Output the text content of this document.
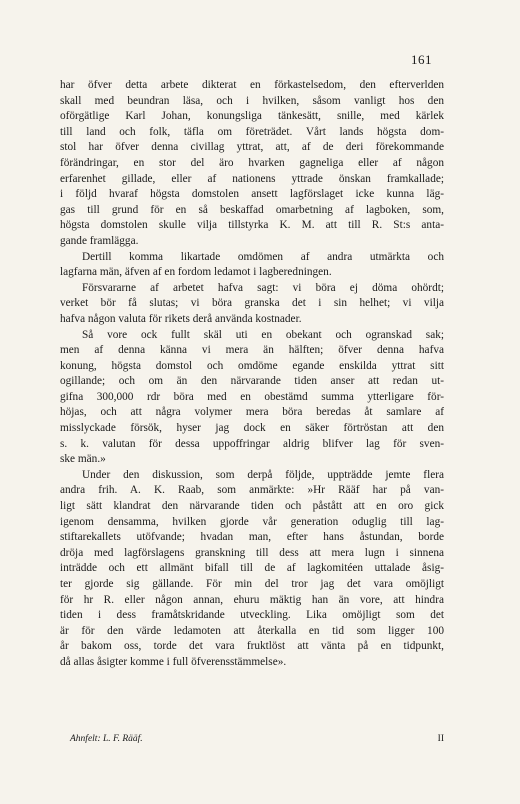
161
har öfver detta arbete dikterat en förkastelsedom, den efterverlden
skall med beundran läsa, och i hvilken, såsom vanligt hos den
oförgätlige Karl Johan, konungsliga tänkesätt, snille, med kärlek
till land och folk, täfla om företrädet. Vårt lands högsta dom-
stol har öfver denna civillag yttrat, att, af de deri förekommande
förändringar, en stor del äro hvarken gagneliga eller af någon
erfarenhet gillade, eller af nationens yttrade önskan framkallade;
i följd hvaraf högsta domstolen ansett lagförslaget icke kunna läg-
gas till grund för en så beskaffad omarbetning af lagboken, som,
högsta domstolen skulle vilja tillstyrka K. M. att till R. St:s anta-
gande framlägga.
Dertill komma likartade omdömen af andra utmärkta och
lagfarna män, äfven af en fordom ledamot i lagberedningen.
Försvararne af arbetet hafva sagt: vi böra ej döma ohördt;
verket bör få slutas; vi böra granska det i sin helhet; vi vilja
hafva någon valuta för rikets derå använda kostnader.
Så vore ock fullt skäl uti en obekant och ogranskad sak;
men af denna känna vi mera än hälften; öfver denna hafva
konung, högsta domstol och omdöme egande enskilda yttrat sitt
ogillande; och om än den närvarande tiden anser att redan ut-
gifna 300,000 rdr böra med en obestämd summa ytterligare för-
höjas, och att några volymer mera böra beredas åt samlare af
misslyckade försök, hyser jag dock en säker förtröstan att den
s. k. valutan för dessa uppoffringar aldrig blifver lag för sven-
ske män.»
Under den diskussion, som derpå följde, uppträdde jemte flera
andra frih. A. K. Raab, som anmärkte: »Hr Rääf har på van-
ligt sätt klandrat den närvarande tiden och påstått att en oro gick
igenom densamma, hvilken gjorde vår generation oduglig till lag-
stiftarekallets utöfvande; hvadan man, efter hans åstundan, borde
dröja med lagförslagens granskning till dess att mera lugn i sinnena
inträdde och ett allmänt bifall till de af lagkomitéen uttalade åsig-
ter gjorde sig gällande. För min del tror jag det vara omöjligt
för hr R. eller någon annan, ehuru mäktig han än vore, att hindra
tiden i dess framåtskridande utveckling. Lika omöjligt som det
är för den värde ledamoten att återkalla en tid som ligger 100
år bakom oss, torde det vara fruktlöst att vänta på en tidpunkt,
då allas åsigter komme i full öfverensstämmelse».
Ahnfelt: L. F. Rääf.	II
